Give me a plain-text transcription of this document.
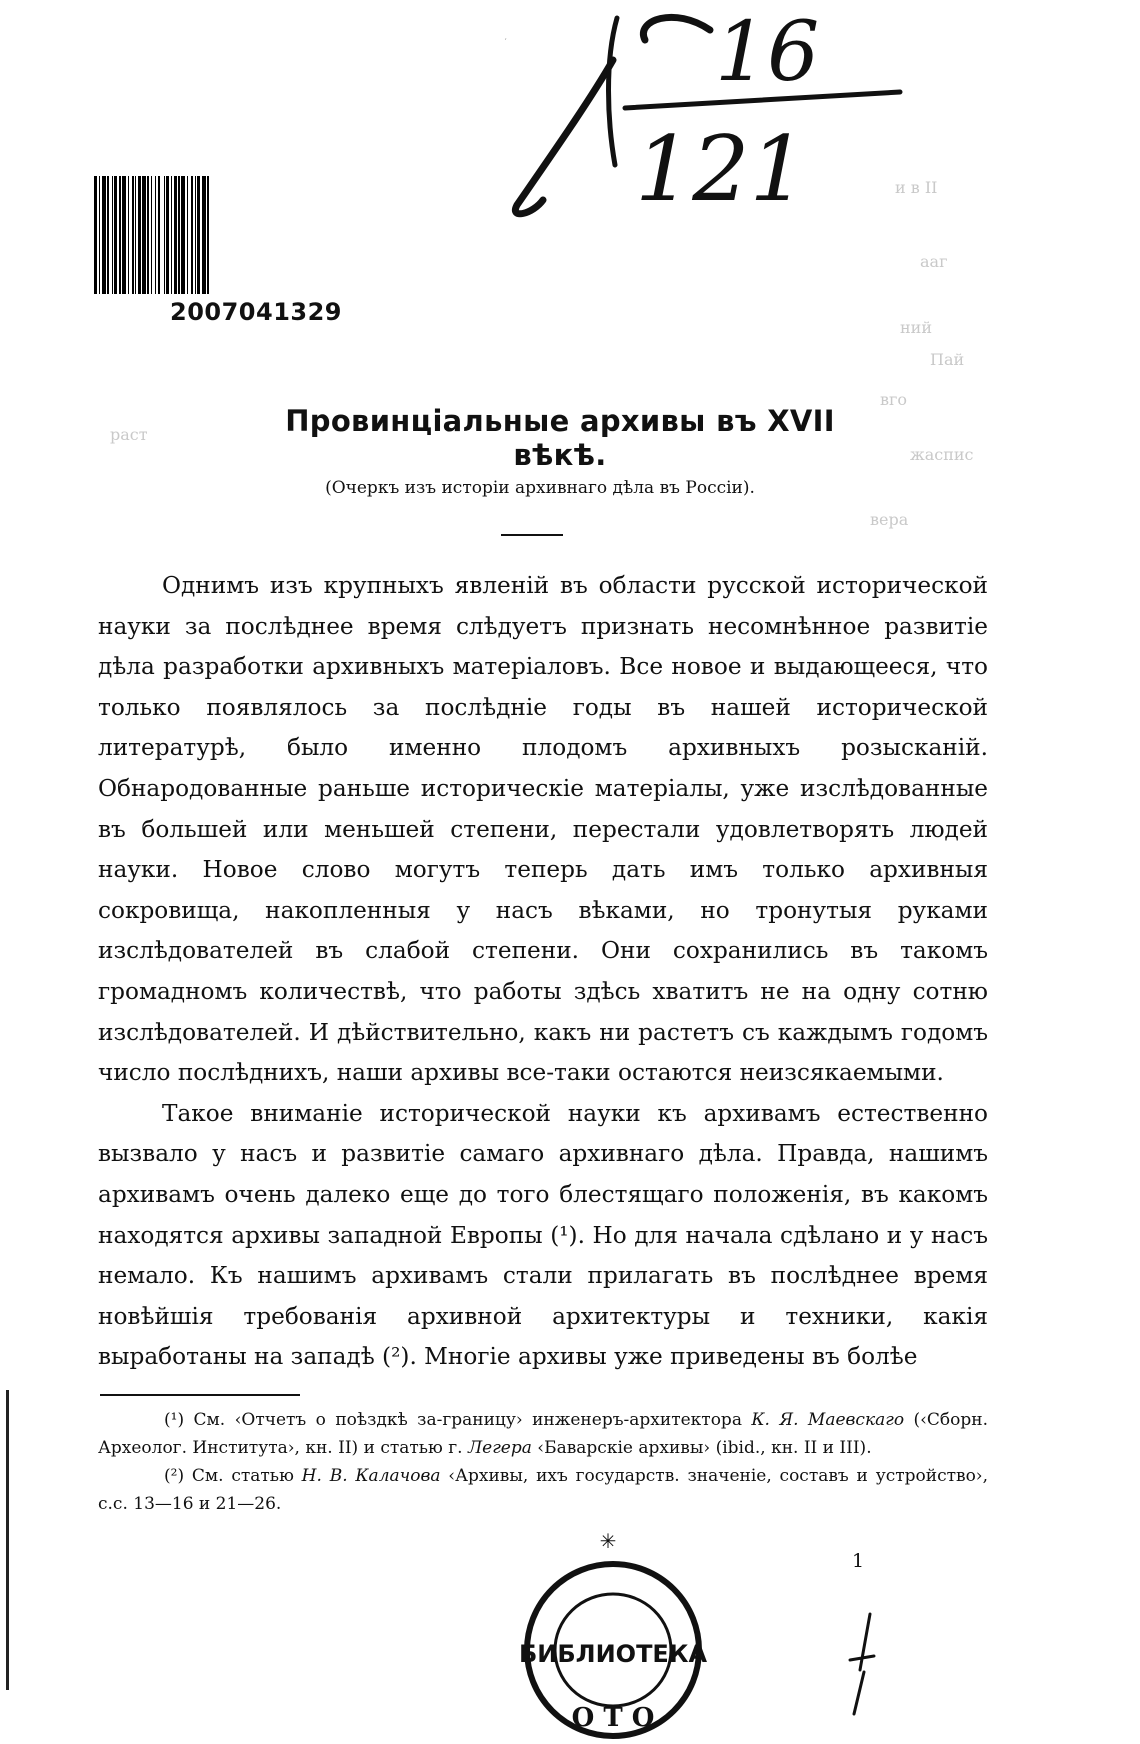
16
121
Г
2007041329
и в II
ааг
ний
Пай
вго
жаспис
вера
раст	Провинціальные архивы въ XVII вѣкѣ.
(Очеркъ изъ исторіи архивнаго дѣла въ Россіи).

Однимъ изъ крупныхъ явленій въ области русской исторической науки за послѣднее время слѣдуетъ признать несомнѣнное развитіе дѣла разработки архивныхъ матеріаловъ. Все новое и выдающееся, что только появлялось за послѣдніе годы въ нашей исторической литературѣ, было именно плодомъ архивныхъ розысканій. Обнародованные раньше историческіе матеріалы, уже изслѣдованные въ большей или меньшей степени, перестали удовлетворять людей науки. Новое слово могутъ теперь дать имъ только архивныя сокровища, накопленныя у насъ вѣками, но тронутыя руками изслѣдователей въ слабой степени. Они сохранились въ такомъ громадномъ количествѣ, что работы здѣсь хватитъ не на одну сотню изслѣдователей. И дѣйствительно, какъ ни растетъ съ каждымъ годомъ число послѣднихъ, наши архивы все-таки остаются неизсякаемыми.

Такое вниманіе исторической науки къ архивамъ естественно вызвало у насъ и развитіе самаго архивнаго дѣла. Правда, нашимъ архивамъ очень далеко еще до того блестящаго положенія, въ какомъ находятся архивы западной Европы (¹). Но для начала сдѣлано и у насъ немало. Къ нашимъ архивамъ стали прилагать въ послѣднее время новѣйшія требованія архивной архитектуры и техники, какія выработаны на западѣ (²). Многіе архивы уже приведены въ болѣе

(¹) См. ‹Отчетъ о поѣздкѣ за-границу› инженеръ-архитектора К. Я. Маевскаго (‹Сборн. Археолог. Института›, кн. II) и статью г. Легера ‹Баварскіе архивы› (ibid., кн. II и III).

(²) См. статью Н. В. Калачова ‹Архивы, ихъ государств. значеніе, составъ и устройство›, с.с. 13—16 и 21—26.

1
✳
БИБЛИОТЕКА
О Т О
